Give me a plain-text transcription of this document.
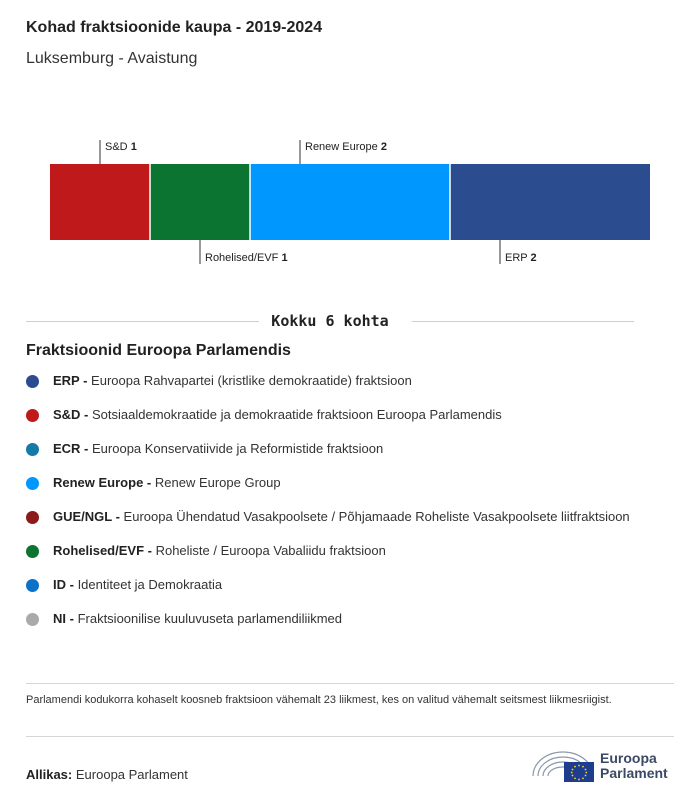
Kohad fraktsioonide kaupa - 2019-2024
Luksemburg - Avaistung
S&D 1
Rohelised/EVF 1
Renew Europe 2
ERP 2
Kokku 6 kohta
Fraktsioonid Euroopa Parlamendis
ERP - Euroopa Rahvapartei (kristlike demokraatide) fraktsioon
S&D - Sotsiaaldemokraatide ja demokraatide fraktsioon Euroopa Parlamendis
ECR - Euroopa Konservatiivide ja Reformistide fraktsioon
Renew Europe - Renew Europe Group
GUE/NGL - Euroopa Ühendatud Vasakpoolsete / Põhjamaade Roheliste Vasakpoolsete liitfraktsioon
Rohelised/EVF - Roheliste / Euroopa Vabaliidu fraktsioon
ID - Identiteet ja Demokraatia
NI - Fraktsioonilise kuuluvuseta parlamendiliikmed
Parlamendi kodukorra kohaselt koosneb fraktsioon vähemalt 23 liikmest, kes on valitud vähemalt seitsmest liikmesriigist.
Allikas: Euroopa Parlament
Euroopa
Parlament
